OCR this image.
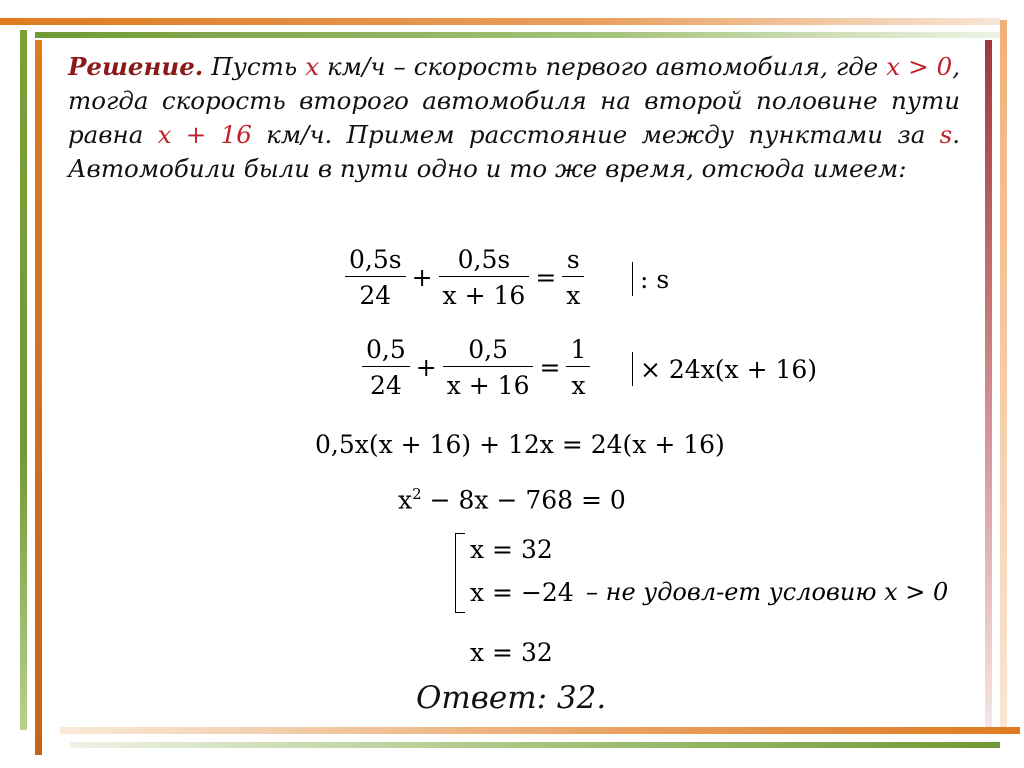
Решение. Пусть x км/ч – скорость первого автомобиля, где x > 0, тогда скорость второго автомобиля на второй половине пути равна x + 16 км/ч. Примем расстояние между пунктами за s. Автомобили были в пути одно и то же время, отсюда имеем:
$\frac{0,5s}{24} + \frac{0,5s}{x + 16} = \frac{s}{x}$ : s
$\frac{0,5}{24} + \frac{0,5}{x + 16} = \frac{1}{x} \times 24x(x + 16)$
0,5x(x + 16) + 12x = 24(x + 16)
$x^2 - 8x - 768 = 0$
x = 32
x = −24 – не удовл-ет условию x > 0
x = 32
Ответ: 32.
